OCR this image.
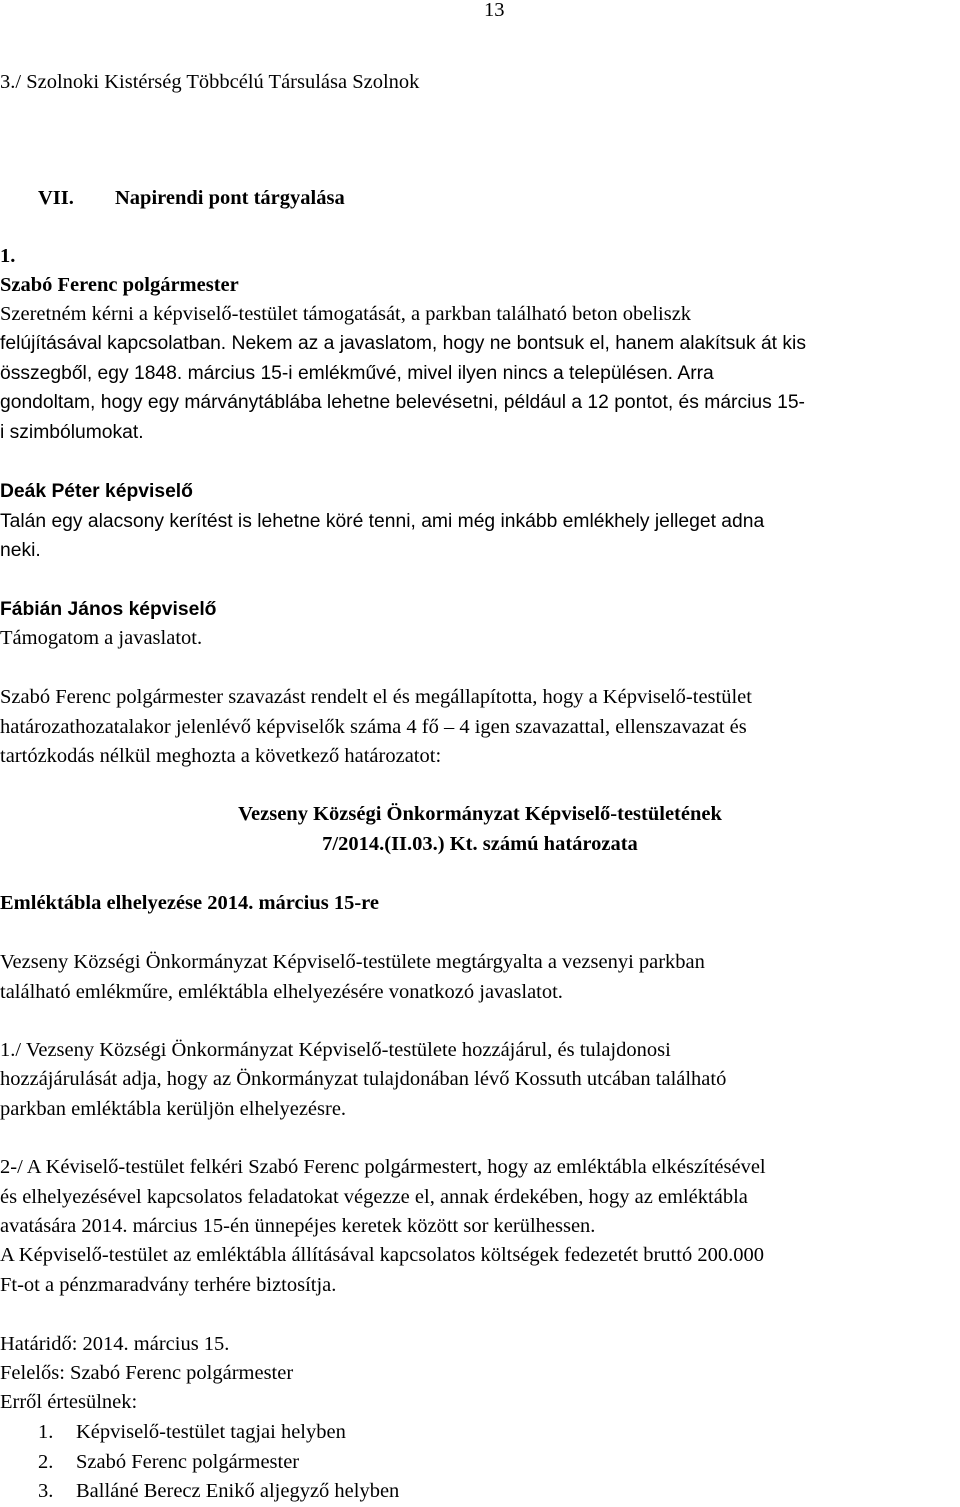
13

3./ Szolnoki Kistérség Többcélú Társulása Szolnok

VII. Napirendi pont tárgyalása

1.

Szabó Ferenc polgármester

Szeretném kérni a képviselő-testület támogatását, a parkban található beton obeliszk

felújításával kapcsolatban. Nekem az a javaslatom, hogy ne bontsuk el, hanem alakítsuk át kis

összegből, egy 1848. március 15-i emlékművé, mivel ilyen nincs a településen. Arra

gondoltam, hogy egy márványtáblába lehetne belevésetni, például a 12 pontot, és március 15-

i szimbólumokat.

Deák Péter képviselő

Talán egy alacsony kerítést is lehetne köré tenni, ami még inkább emlékhely jelleget adna

neki.

Fábián János képviselő

Támogatom a javaslatot.

Szabó Ferenc polgármester szavazást rendelt el és megállapította, hogy a Képviselő-testület

határozathozatalakor jelenlévő képviselők száma 4 fő – 4 igen szavazattal, ellenszavazat és

tartózkodás nélkül meghozta a következő határozatot:

Vezseny Községi Önkormányzat Képviselő-testületének

7/2014.(II.03.) Kt. számú határozata

Emléktábla elhelyezése 2014. március 15-re

Vezseny Községi Önkormányzat Képviselő-testülete megtárgyalta a vezsenyi parkban

található emlékműre, emléktábla elhelyezésére vonatkozó javaslatot.

1./ Vezseny Községi Önkormányzat Képviselő-testülete hozzájárul, és tulajdonosi

hozzájárulását adja, hogy az Önkormányzat tulajdonában lévő Kossuth utcában található

parkban emléktábla kerüljön elhelyezésre.

2-/ A Kéviselő-testület felkéri Szabó Ferenc polgármestert, hogy az emléktábla elkészítésével

és elhelyezésével kapcsolatos feladatokat végezze el, annak érdekében, hogy az emléktábla

avatására 2014. március 15-én ünnepéjes keretek között sor kerülhessen.

A Képviselő-testület az emléktábla állításával kapcsolatos költségek fedezetét bruttó 200.000

Ft-ot a pénzmaradvány terhére biztosítja.

Határidő: 2014. március 15.

Felelős: Szabó Ferenc polgármester

Erről értesülnek:

1.	Képviselő-testület tagjai helyben
2.	Szabó Ferenc polgármester
3.	Balláné Berecz Enikő aljegyző helyben
